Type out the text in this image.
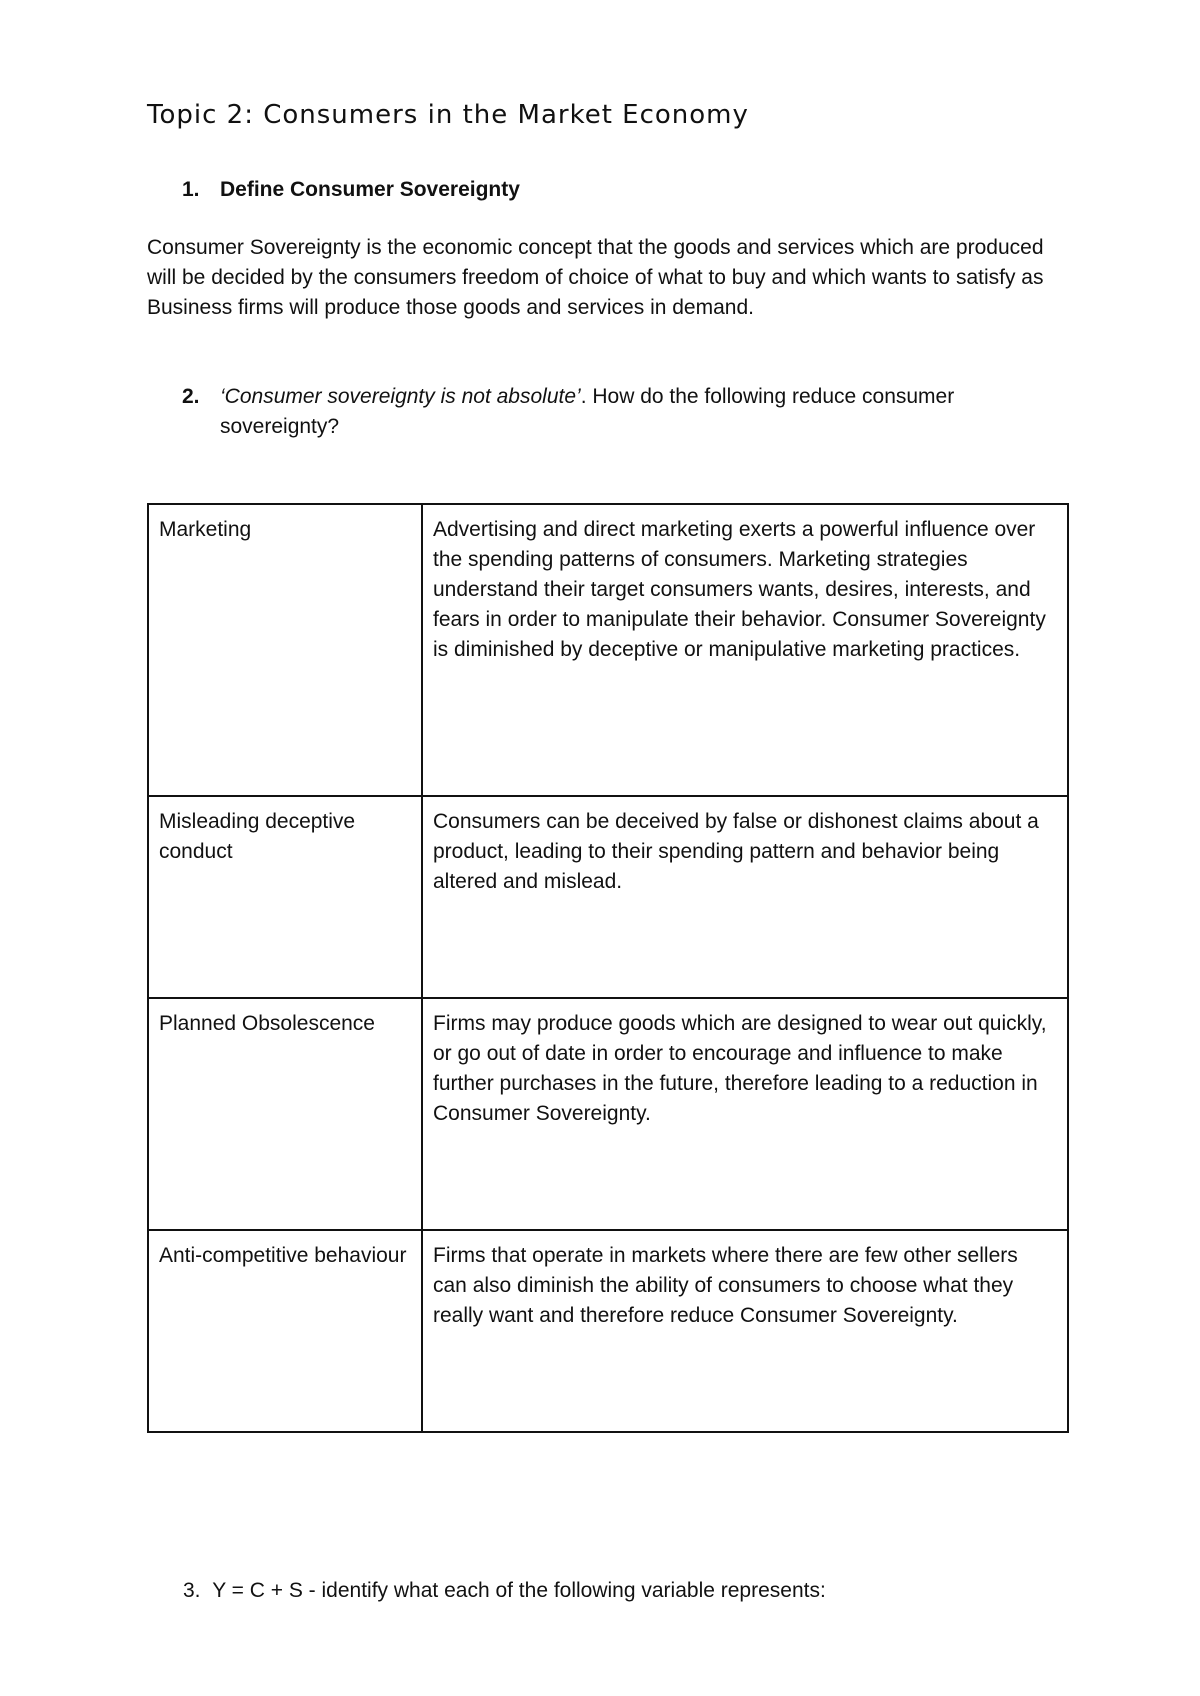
Topic 2: Consumers in the Market Economy
1. Define Consumer Sovereignty

Consumer Sovereignty is the economic concept that the goods and services which are produced will be decided by the consumers freedom of choice of what to buy and which wants to satisfy as Business firms will produce those goods and services in demand.

2. ‘Consumer sovereignty is not absolute’. How do the following reduce consumer sovereignty?
Marketing	Advertising and direct marketing exerts a powerful influence over the spending patterns of consumers. Marketing strategies understand their target consumers wants, desires, interests, and fears in order to manipulate their behavior. Consumer Sovereignty is diminished by deceptive or manipulative marketing practices.
Misleading deceptive conduct	Consumers can be deceived by false or dishonest claims about a product, leading to their spending pattern and behavior being altered and mislead.
Planned Obsolescence	Firms may produce goods which are designed to wear out quickly, or go out of date in order to encourage and influence to make further purchases in the future, therefore leading to a reduction in Consumer Sovereignty.
Anti-competitive behaviour	Firms that operate in markets where there are few other sellers can also diminish the ability of consumers to choose what they really want and therefore reduce Consumer Sovereignty.
3. Y = C + S - identify what each of the following variable represents:
